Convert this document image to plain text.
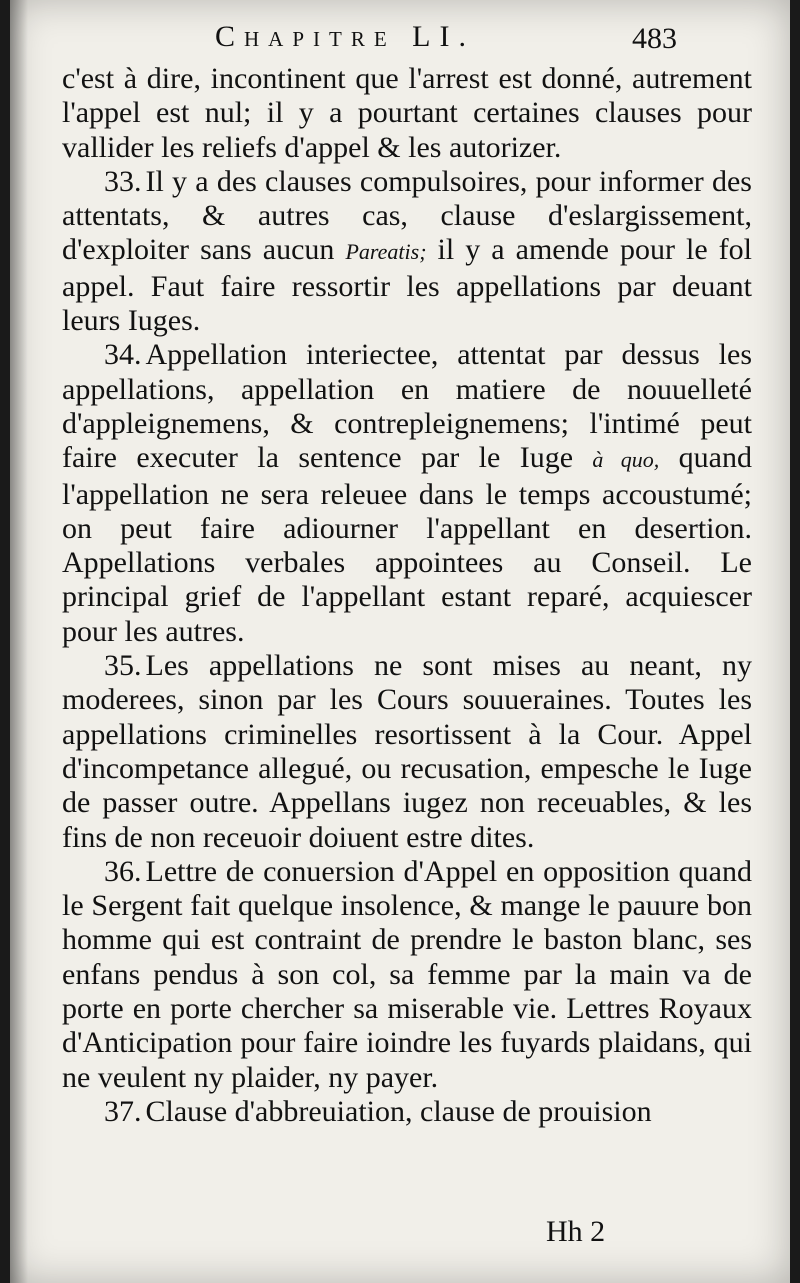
Chapitre LI.	483

c'est à dire, incontinent que l'arrest est donné, autrement l'appel est nul; il y a pourtant certaines clauses pour vallider les reliefs d'appel & les autorizer.

33. Il y a des clauses compulsoires, pour informer des attentats, & autres cas, clause d'eslargissement, d'exploiter sans aucun Pareatis; il y a amende pour le fol appel. Faut faire ressortir les appellations par deuant leurs Iuges.

34. Appellation interiectee, attentat par dessus les appellations, appellation en matiere de nouuelleté d'appleignemens, & contrepleignemens; l'intimé peut faire executer la sentence par le Iuge à quo, quand l'appellation ne sera releuee dans le temps accoustumé; on peut faire adiourner l'appellant en desertion. Appellations verbales appointees au Conseil. Le principal grief de l'appellant estant reparé, acquiescer pour les autres.

35. Les appellations ne sont mises au neant, ny moderees, sinon par les Cours souueraines. Toutes les appellations criminelles resortissent à la Cour. Appel d'incompetance allegué, ou recusation, empesche le Iuge de passer outre. Appellans iugez non receuables, & les fins de non receuoir doiuent estre dites.

36. Lettre de conuersion d'Appel en opposition quand le Sergent fait quelque insolence, & mange le pauure bon homme qui est contraint de prendre le baston blanc, ses enfans pendus à son col, sa femme par la main va de porte en porte chercher sa miserable vie. Lettres Royaux d'Anticipation pour faire ioindre les fuyards plaidans, qui ne veulent ny plaider, ny payer.

37. Clause d'abbreuiation, clause de prouision

Hh 2
